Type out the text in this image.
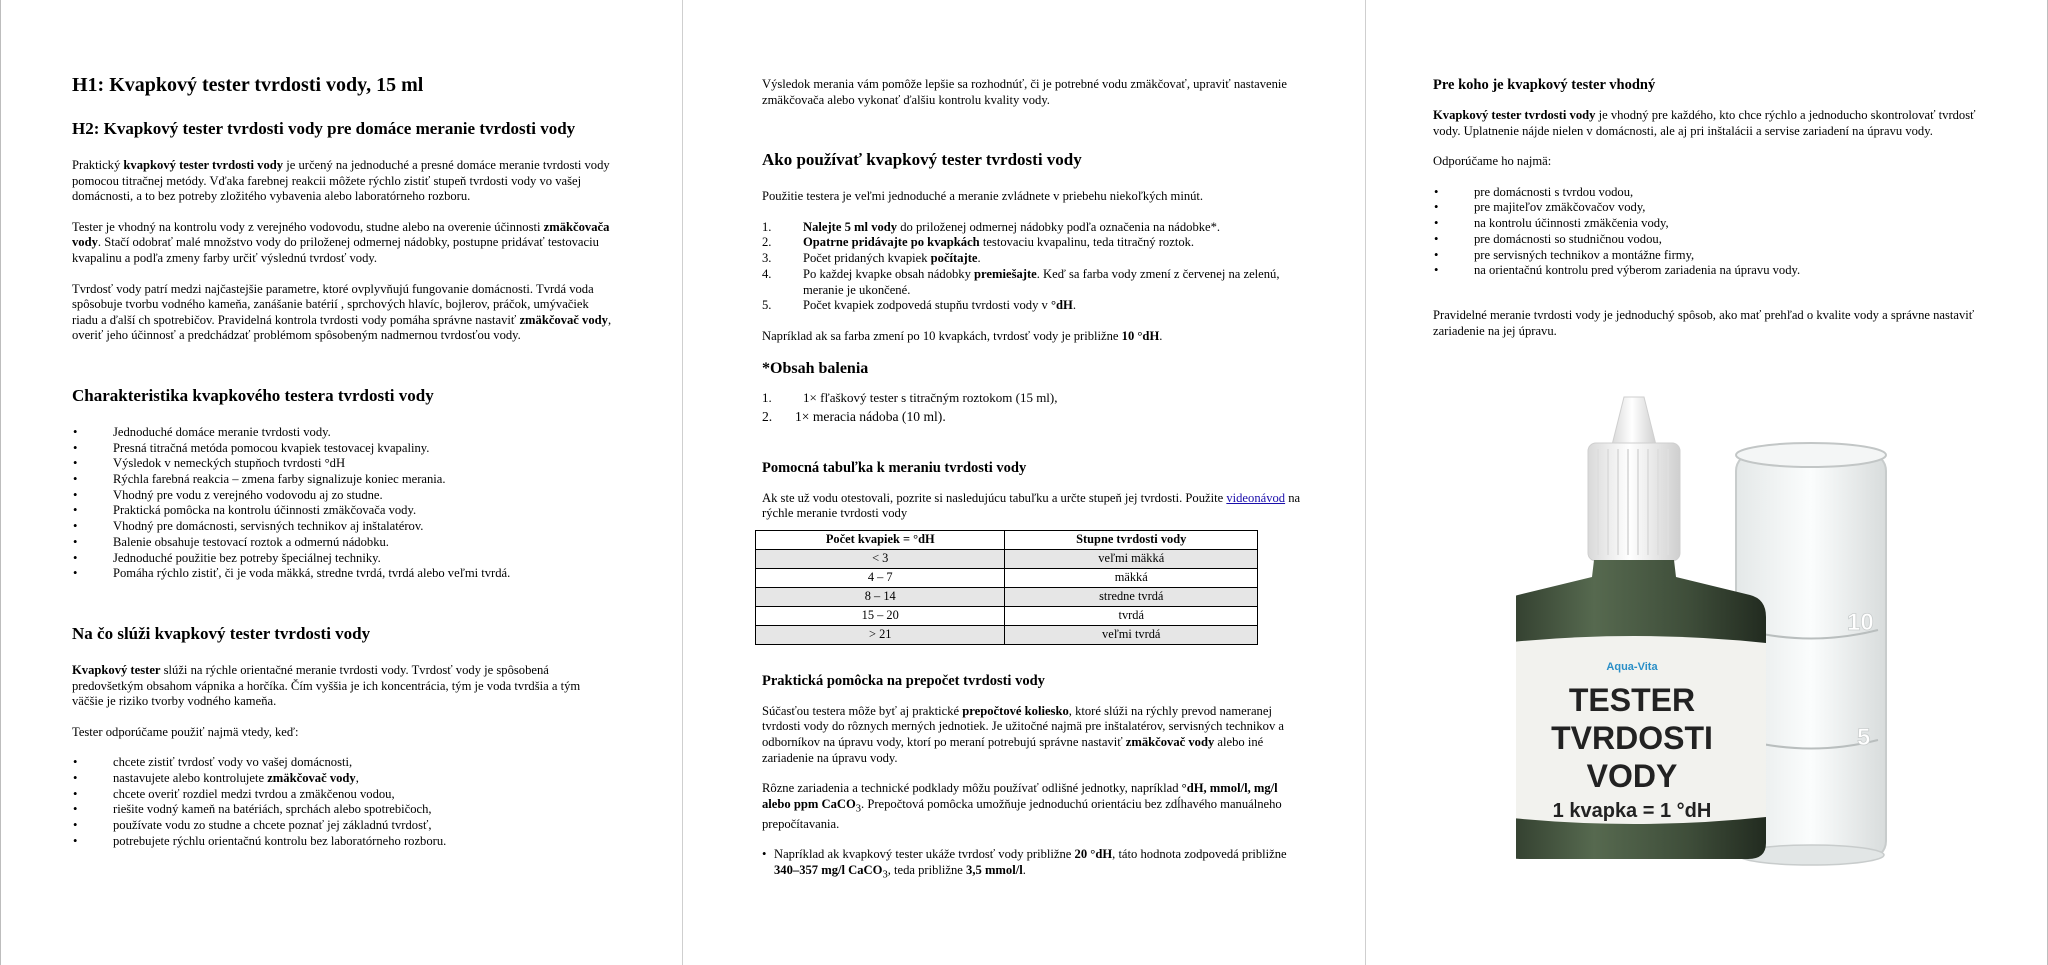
H1: Kvapkový tester tvrdosti vody, 15 ml
H2: Kvapkový tester tvrdosti vody pre domáce meranie tvrdosti vody

Praktický kvapkový tester tvrdosti vody je určený na jednoduché a presné domáce meranie tvrdosti vody pomocou titračnej metódy. Vďaka farebnej reakcii môžete rýchlo zistiť stupeň tvrdosti vody vo vašej domácnosti, a to bez potreby zložitého vybavenia alebo laboratórneho rozboru.

Tester je vhodný na kontrolu vody z verejného vodovodu, studne alebo na overenie účinnosti zmäkčovača vody. Stačí odobrať malé množstvo vody do priloženej odmernej nádobky, postupne pridávať testovaciu kvapalinu a podľa zmeny farby určiť výslednú tvrdosť vody.

Tvrdosť vody patrí medzi najčastejšie parametre, ktoré ovplyvňujú fungovanie domácnosti. Tvrdá voda spôsobuje tvorbu vodného kameňa, zanášanie batérií , sprchových hlavíc, bojlerov, práčok, umývačiek riadu a ďalší ch spotrebičov. Pravidelná kontrola tvrdosti vody pomáha správne nastaviť zmäkčovač vody, overiť jeho účinnosť a predchádzať problémom spôsobeným nadmernou tvrdosťou vody.

Charakteristika kvapkového testera tvrdosti vody
• Jednoduché domáce meranie tvrdosti vody.
• Presná titračná metóda pomocou kvapiek testovacej kvapaliny.
• Výsledok v nemeckých stupňoch tvrdosti °dH
• Rýchla farebná reakcia – zmena farby signalizuje koniec merania.
• Vhodný pre vodu z verejného vodovodu aj zo studne.
• Praktická pomôcka na kontrolu účinnosti zmäkčovača vody.
• Vhodný pre domácnosti, servisných technikov aj inštalatérov.
• Balenie obsahuje testovací roztok a odmernú nádobku.
• Jednoduché použitie bez potreby špeciálnej techniky.
• Pomáha rýchlo zistiť, či je voda mäkká, stredne tvrdá, tvrdá alebo veľmi tvrdá.
Na čo slúži kvapkový tester tvrdosti vody

Kvapkový tester slúži na rýchle orientačné meranie tvrdosti vody. Tvrdosť vody je spôsobená predovšetkým obsahom vápnika a horčíka. Čím vyššia je ich koncentrácia, tým je voda tvrdšia a tým väčšie je riziko tvorby vodného kameňa.

Tester odporúčame použiť najmä vtedy, keď:

• chcete zistiť tvrdosť vody vo vašej domácnosti,
• nastavujete alebo kontrolujete zmäkčovač vody,
• chcete overiť rozdiel medzi tvrdou a zmäkčenou vodou,
• riešite vodný kameň na batériách, sprchách alebo spotrebičoch,
• používate vodu zo studne a chcete poznať jej základnú tvrdosť,
• potrebujete rýchlu orientačnú kontrolu bez laboratórneho rozboru.

Výsledok merania vám pomôže lepšie sa rozhodnúť, či je potrebné vodu zmäkčovať, upraviť nastavenie zmäkčovača alebo vykonať ďalšiu kontrolu kvality vody.

Ako používať kvapkový tester tvrdosti vody

Použitie testera je veľmi jednoduché a meranie zvládnete v priebehu niekoľkých minút.

1.	Nalejte 5 ml vody do priloženej odmernej nádobky podľa označenia na nádobke*.
2.	Opatrne pridávajte po kvapkách testovaciu kvapalinu, teda titračný roztok.
3.	Počet pridaných kvapiek počítajte.
4.	Po každej kvapke obsah nádobky premiešajte. Keď sa farba vody zmení z červenej na zelenú, meranie je ukončené.
5.	Počet kvapiek zodpovedá stupňu tvrdosti vody v °dH.

Napríklad ak sa farba zmení po 10 kvapkách, tvrdosť vody je približne 10 °dH.

*Obsah balenia
1. 1× fľaškový tester s titračným roztokom (15 ml),
2. 1× meracia nádoba (10 ml).
Pomocná tabuľka k meraniu tvrdosti vody

Ak ste už vodu otestovali, pozrite si nasledujúcu tabuľku a určte stupeň jej tvrdosti. Použite videonávod na rýchle meranie tvrdosti vody

Počet kvapiek = °dH	Stupne tvrdosti vody
< 3	veľmi mäkká
4 – 7	mäkká
8 – 14	stredne tvrdá
15 – 20	tvrdá
> 21	veľmi tvrdá
Praktická pomôcka na prepočet tvrdosti vody

Súčasťou testera môže byť aj praktické prepočtové koliesko, ktoré slúži na rýchly prevod nameranej tvrdosti vody do rôznych merných jednotiek. Je užitočné najmä pre inštalatérov, servisných technikov a odborníkov na úpravu vody, ktorí po meraní potrebujú správne nastaviť zmäkčovač vody alebo iné zariadenie na úpravu vody.

Rôzne zariadenia a technické podklady môžu používať odlišné jednotky, napríklad °dH, mmol/l, mg/l alebo ppm CaCO$_3$. Prepočtová pomôcka umožňuje jednoduchú orientáciu bez zdĺhavého manuálneho prepočítavania.

• Napríklad ak kvapkový tester ukáže tvrdosť vody približne 20 °dH, táto hodnota zodpovedá približne 340–357 mg/l CaCO$_3$, teda približne 3,5 mmol/l.
Pre koho je kvapkový tester vhodný

Kvapkový tester tvrdosti vody je vhodný pre každého, kto chce rýchlo a jednoducho skontrolovať tvrdosť vody. Uplatnenie nájde nielen v domácnosti, ale aj pri inštalácii a servise zariadení na úpravu vody.

Odporúčame ho najmä:

• pre domácnosti s tvrdou vodou,
• pre majiteľov zmäkčovačov vody,
• na kontrolu účinnosti zmäkčenia vody,
• pre domácnosti so studničnou vodou,
• pre servisných technikov a montážne firmy,
• na orientačnú kontrolu pred výberom zariadenia na úpravu vody.

Pravidelné meranie tvrdosti vody je jednoduchý spôsob, ako mať prehľad o kvalite vody a správne nastaviť zariadenie na jej úpravu.

10
5
Aqua-Vita
TESTER
TVRDOSTI
VODY
1 kvapka = 1 °dH
